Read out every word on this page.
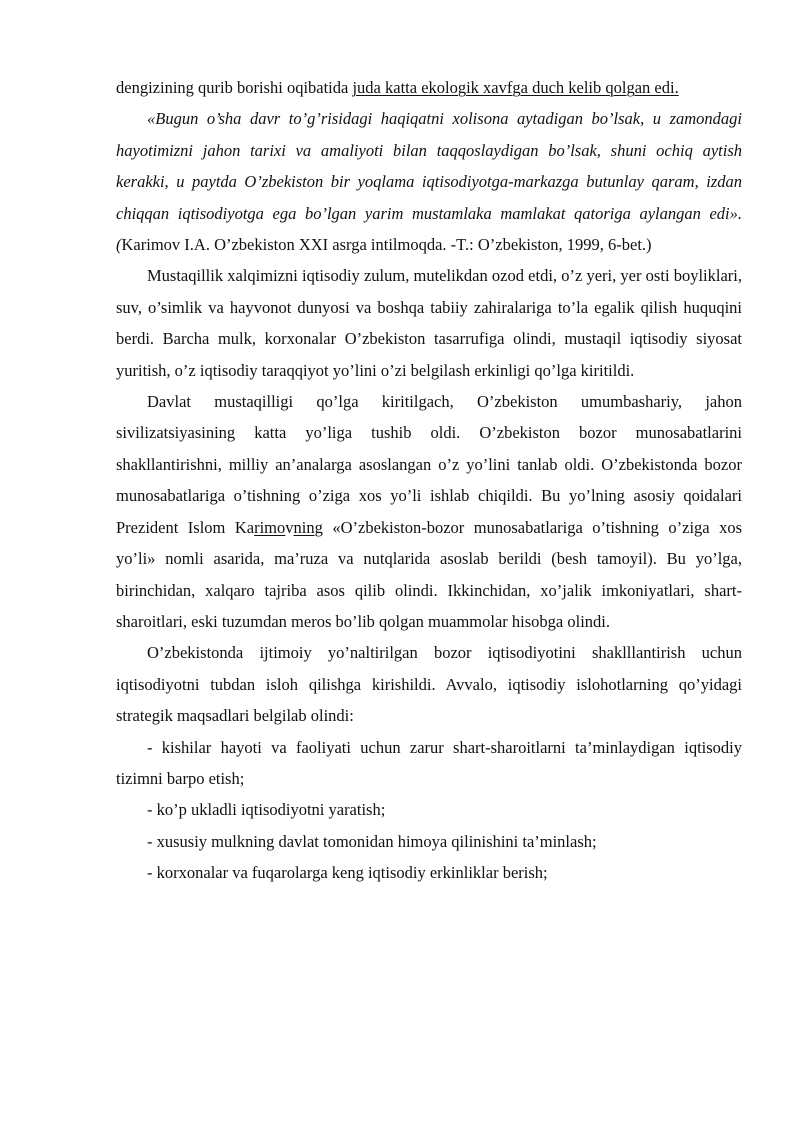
dengizining qurib borishi oqibatida juda katta ekologik xavfga duch kelib qolgan edi.

«Bugun o’sha davr to’g’risidagi haqiqatni xolisona aytadigan bo’lsak, u zamondagi hayotimizni jahon tarixi va amaliyoti bilan taqqoslaydigan bo’lsak, shuni ochiq aytish kerakki, u paytda O’zbekiston bir yoqlama iqtisodiyotga-markazga butunlay qaram, izdan chiqqan iqtisodiyotga ega bo’lgan yarim mustamlaka mamlakat qatoriga aylangan edi». (Karimov I.A. O’zbekiston XXI asrga intilmoqda. -T.: O’zbekiston, 1999, 6-bet.)

Mustaqillik xalqimizni iqtisodiy zulum, mutelikdan ozod etdi, o’z yeri, yer osti boyliklari, suv, o’simlik va hayvonot dunyosi va boshqa tabiiy zahiralariga to’la egalik qilish huquqini berdi. Barcha mulk, korxonalar O’zbekiston tasarrufiga olindi, mustaqil iqtisodiy siyosat yuritish, o’z iqtisodiy taraqqiyot yo’lini o’zi belgilash erkinligi qo’lga kiritildi.

Davlat mustaqilligi qo’lga kiritilgach, O’zbekiston umumbashariy, jahon sivilizatsiyasining katta yo’liga tushib oldi. O’zbekiston bozor munosabatlarini shakllantirishni, milliy an’analarga asoslangan o’z yo’lini tanlab oldi. O’zbekistonda bozor munosabatlariga o’tishning o’ziga xos yo’li ishlab chiqildi. Bu yo’lning asosiy qoidalari Prezident Islom Karimovning «O’zbekiston-bozor munosabatlariga o’tishning o’ziga xos yo’li» nomli asarida, ma’ruza va nutqlarida asoslab berildi (besh tamoyil). Bu yo’lga, birinchidan, xalqaro tajriba asos qilib olindi. Ikkinchidan, xo’jalik imkoniyatlari, shart-sharoitlari, eski tuzumdan meros bo’lib qolgan muammolar hisobga olindi.

O’zbekistonda ijtimoiy yo’naltirilgan bozor iqtisodiyotini shaklllantirish uchun iqtisodiyotni tubdan isloh qilishga kirishildi. Avvalo, iqtisodiy islohotlarning qo’yidagi strategik maqsadlari belgilab olindi:

- kishilar hayoti va faoliyati uchun zarur shart-sharoitlarni ta’minlaydigan iqtisodiy tizimni barpo etish;

- ko’p ukladli iqtisodiyotni yaratish;

- xususiy mulkning davlat tomonidan himoya qilinishini ta’minlash;

- korxonalar va fuqarolarga keng iqtisodiy erkinliklar berish;
